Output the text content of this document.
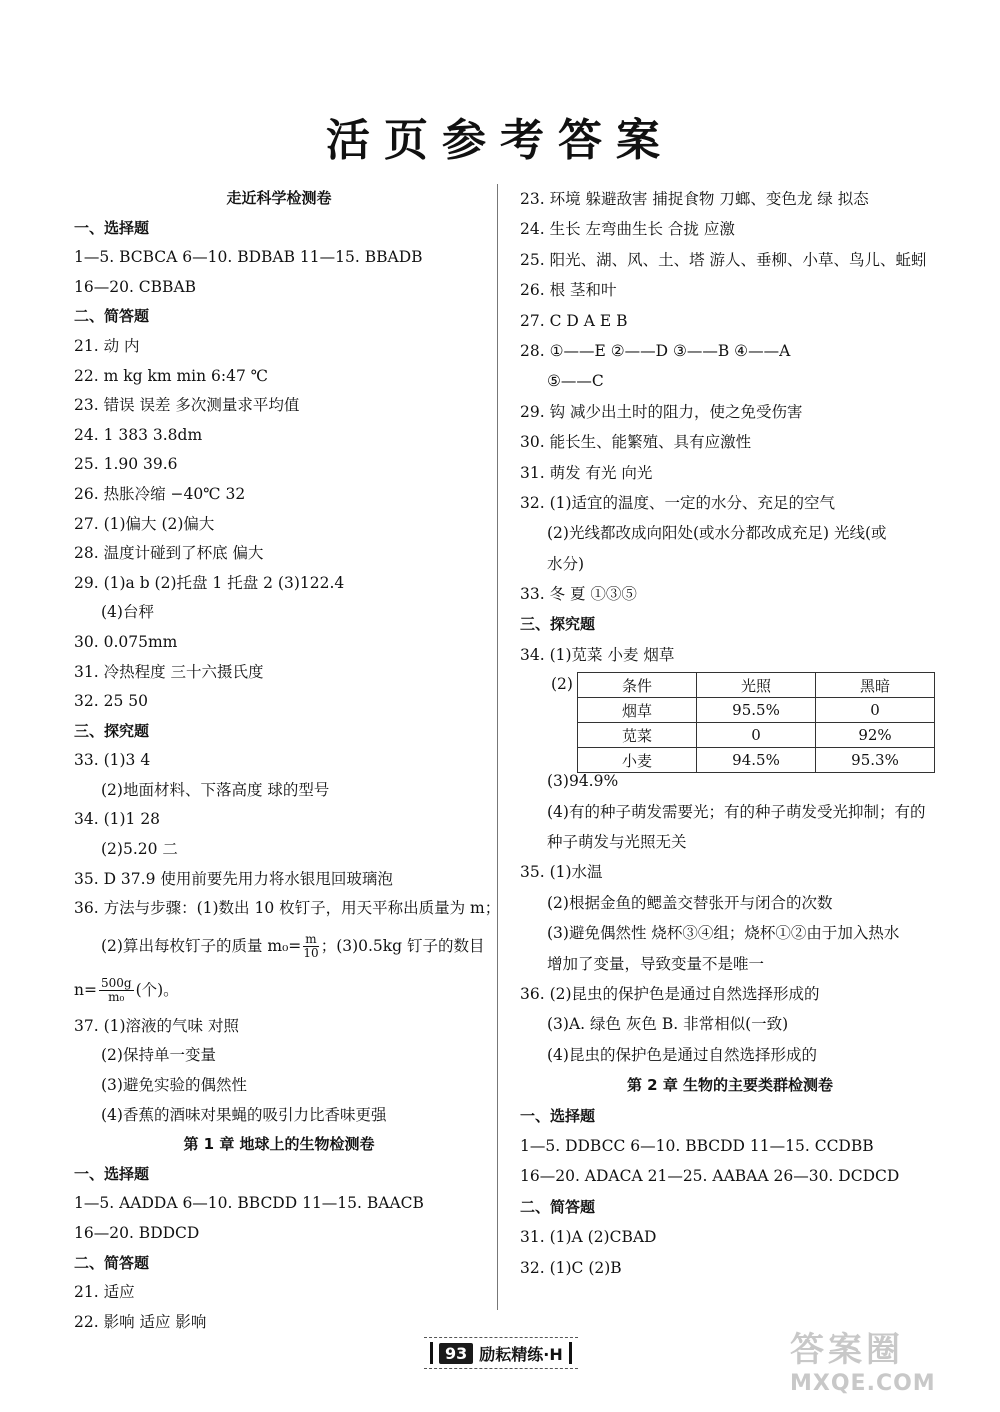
活页参考答案
走近科学检测卷
一、选择题
1—5. BCBCA 6—10. BDBAB 11—15. BBADB
16—20. CBBAB
二、简答题
21. 动 内
22. m kg km min 6:47 ℃
23. 错误 误差 多次测量求平均值
24. 1 383 3.8dm
25. 1.90 39.6
26. 热胀冷缩 −40℃ 32
27. (1)偏大 (2)偏大
28. 温度计碰到了杯底 偏大
29. (1)a b (2)托盘 1 托盘 2 (3)122.4
(4)台秤
30. 0.075mm
31. 冷热程度 三十六摄氏度
32. 25 50
三、探究题
33. (1)3 4
(2)地面材料、下落高度 球的型号
34. (1)1 28
(2)5.20 二
35. D 37.9 使用前要先用力将水银甩回玻璃泡
36. 方法与步骤：(1)数出 10 枚钉子，用天平称出质量为 m；
(2)算出每枚钉子的质量 $m_0= \frac{m}{10}$ ；(3)0.5kg 钉子的数目
$n= \frac{500g}{\text{m₀}}$ (个)。
37. (1)溶液的气味 对照
(2)保持单一变量
(3)避免实验的偶然性
(4)香蕉的酒味对果蝇的吸引力比香味更强
第 1 章 地球上的生物检测卷
一、选择题
1—5. AADDA 6—10. BBCDD 11—15. BAACB
16—20. BDDCD
二、简答题
21. 适应
22. 影响 适应 影响
23. 环境 躲避敌害 捕捉食物 刀螂、变色龙 绿 拟态
24. 生长 左弯曲生长 合拢 应激
25. 阳光、湖、风、土、塔 游人、垂柳、小草、鸟儿、蚯蚓
26. 根 茎和叶
27. C D A E B
28. ①——E ②——D ③——B ④——A
⑤——C
29. 钩 减少出土时的阻力，使之免受伤害
30. 能长生、能繁殖、具有应激性
31. 萌发 有光 向光
32. (1)适宜的温度、一定的水分、充足的空气
(2)光线都改成向阳处(或水分都改成充足) 光线(或
水分)
33. 冬 夏 ①③⑤
三、探究题
34. (1)苋菜 小麦 烟草
(2)	条件	光照	黑暗
烟草	95.5%	0
苋菜	0	92%
小麦	94.5%	95.3%
(3)94.9%
(4)有的种子萌发需要光；有的种子萌发受光抑制；有的
种子萌发与光照无关
35. (1)水温
(2)根据金鱼的鳃盖交替张开与闭合的次数
(3)避免偶然性 烧杯③④组；烧杯①②由于加入热水
增加了变量，导致变量不是唯一
36. (2)昆虫的保护色是通过自然选择形成的
(3)A. 绿色 灰色 B. 非常相似(一致)
(4)昆虫的保护色是通过自然选择形成的
第 2 章 生物的主要类群检测卷
一、选择题
1—5. DDBCC 6—10. BBCDD 11—15. CCDBB
16—20. ADACA 21—25. AABAA 26—30. DCDCD
二、简答题
31. (1)A (2)CBAD
32. (1)C (2)B
93 励耘精练·H	答案圈
MXQE.COM
